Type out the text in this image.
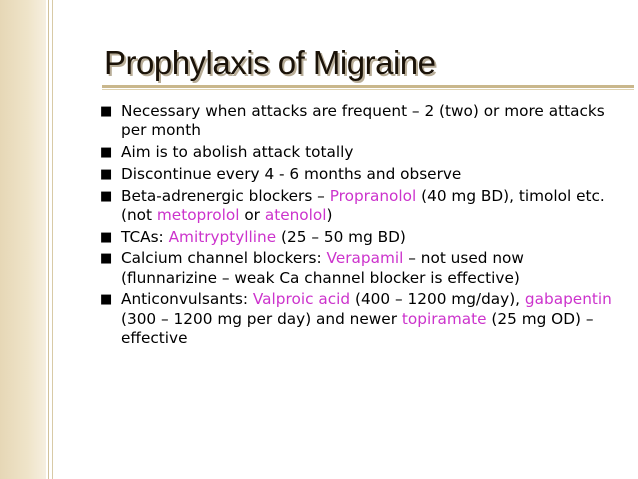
Prophylaxis of Migraine
■ Necessary when attacks are frequent – 2 (two) or more attacks per month
■ Aim is to abolish attack totally
■ Discontinue every 4 - 6 months and observe
■ Beta-adrenergic blockers – Propranolol (40 mg BD), timolol etc. (not metoprolol or atenolol)
■ TCAs: Amitryptylline (25 – 50 mg BD)
■ Calcium channel blockers: Verapamil – not used now (flunnarizine – weak Ca channel blocker is effective)
■ Anticonvulsants: Valproic acid (400 – 1200 mg/day), gabapentin (300 – 1200 mg per day) and newer topiramate (25 mg OD) – effective
